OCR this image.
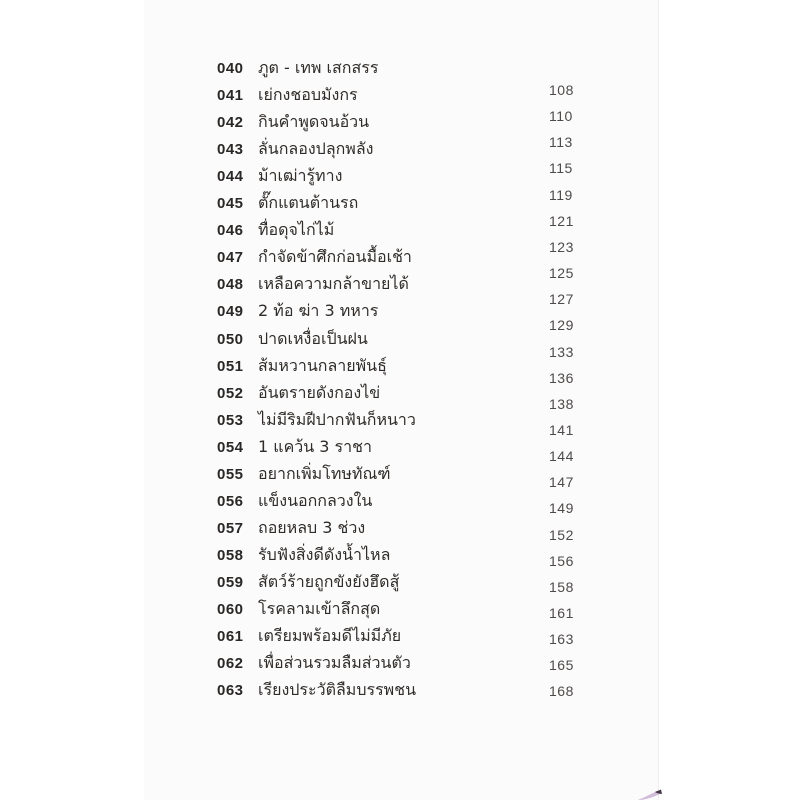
040 ภูต - เทพ เสกสรร
041 เย่กงชอบมังกร
042 กินคำพูดจนอ้วน
043 ลั่นกลองปลุกพลัง
044 ม้าเฒ่ารู้ทาง
045 ตั๊กแตนต้านรถ
046 ทื่อดุจไก่ไม้
047 กำจัดข้าศึกก่อนมื้อเช้า
048 เหลือความกล้าขายได้
049 2 ท้อ ฆ่า 3 ทหาร
050 ปาดเหงื่อเป็นฝน
051 ส้มหวานกลายพันธุ์
052 อันตรายดังกองไข่
053 ไม่มีริมฝีปากฟันก็หนาว
054 1 แคว้น 3 ราชา
055 อยากเพิ่มโทษทัณฑ์
056 แข็งนอกกลวงใน
057 ถอยหลบ 3 ช่วง
058 รับฟังสิ่งดีดังน้ำไหล
059 สัตว์ร้ายถูกขังยังฮึดสู้
060 โรคลามเข้าลึกสุด
061 เตรียมพร้อมดีไม่มีภัย
062 เพื่อส่วนรวมลืมส่วนตัว
063 เรียงประวัติลืมบรรพชน
108
110
113
115
119
121
123
125
127
129
133
136
138
141
144
147
149
152
156
158
161
163
165
168
